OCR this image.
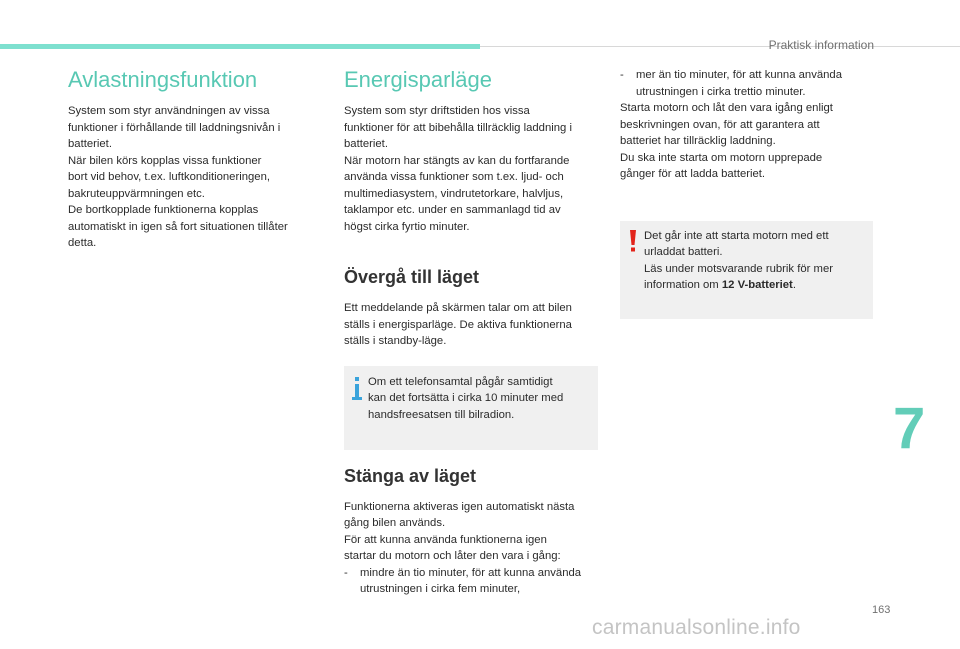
Praktisk information
Avlastningsfunktion

System som styr användningen av vissa
funktioner i förhållande till laddningsnivån i
batteriet.
När bilen körs kopplas vissa funktioner
bort vid behov, t.ex. luftkonditioneringen,
bakruteuppvärmningen etc.
De bortkopplade funktionerna kopplas
automatiskt in igen så fort situationen tillåter
detta.

Energisparläge

System som styr driftstiden hos vissa
funktioner för att bibehålla tillräcklig laddning i
batteriet.
När motorn har stängts av kan du fortfarande
använda vissa funktioner som t.ex. ljud- och
multimediasystem, vindrutetorkare, halvljus,
taklampor etc. under en sammanlagd tid av
högst cirka fyrtio minuter.

Övergå till läget

Ett meddelande på skärmen talar om att bilen
ställs i energisparläge. De aktiva funktionerna
ställs i standby-läge.

Om ett telefonsamtal pågår samtidigt
kan det fortsätta i cirka 10 minuter med
handsfreesatsen till bilradion.

Stänga av läget

Funktionerna aktiveras igen automatiskt nästa
gång bilen används.
För att kunna använda funktionerna igen
startar du motorn och låter den vara i gång:

-	mindre än tio minuter, för att kunna använda
utrustningen i cirka fem minuter,
-	mer än tio minuter, för att kunna använda
utrustningen i cirka trettio minuter.

Starta motorn och låt den vara igång enligt
beskrivningen ovan, för att garantera att
batteriet har tillräcklig laddning.
Du ska inte starta om motorn upprepade
gånger för att ladda batteriet.

Det går inte att starta motorn med ett
urladdat batteri.
Läs under motsvarande rubrik för mer
information om 12 V-batteriet.

7
163
carmanualsonline.info
